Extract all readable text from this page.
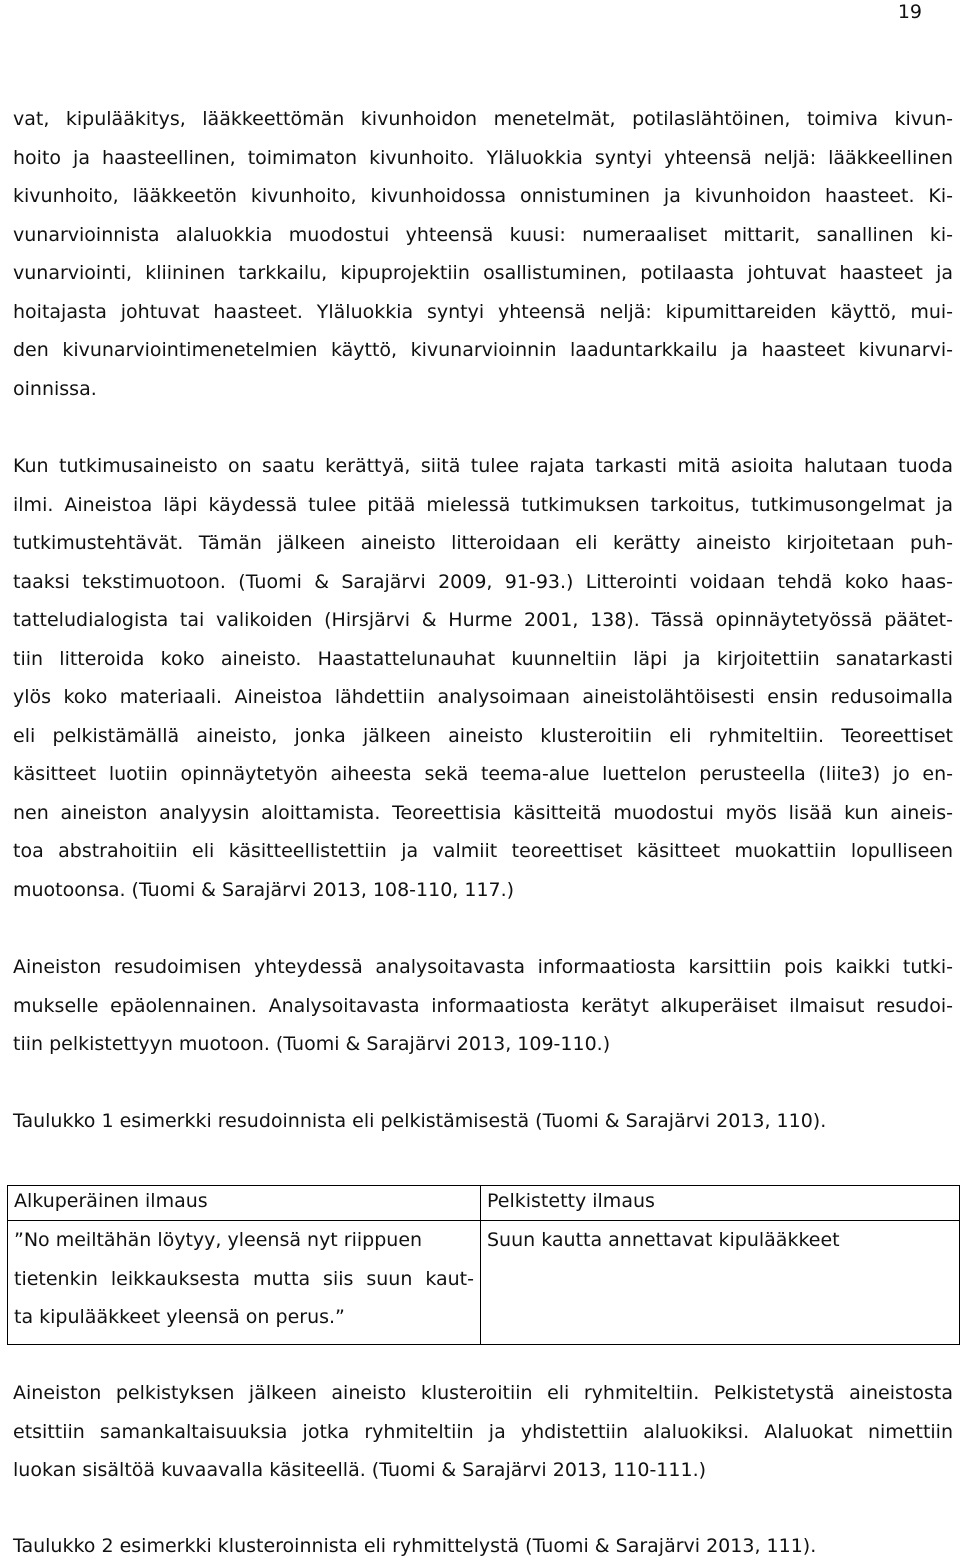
19
vat, kipulääkitys, lääkkeettömän kivunhoidon menetelmät, potilaslähtöinen, toimiva kivun-
hoito ja haasteellinen, toimimaton kivunhoito. Yläluokkia syntyi yhteensä neljä: lääkkeellinen
kivunhoito, lääkkeetön kivunhoito, kivunhoidossa onnistuminen ja kivunhoidon haasteet. Ki-
vunarvioinnista alaluokkia muodostui yhteensä kuusi: numeraaliset mittarit, sanallinen ki-
vunarviointi, kliininen tarkkailu, kipuprojektiin osallistuminen, potilaasta johtuvat haasteet ja
hoitajasta johtuvat haasteet. Yläluokkia syntyi yhteensä neljä: kipumittareiden käyttö, mui-
den kivunarviointimenetelmien käyttö, kivunarvioinnin laaduntarkkailu ja haasteet kivunarvi-
oinnissa.
Kun tutkimusaineisto on saatu kerättyä, siitä tulee rajata tarkasti mitä asioita halutaan tuoda
ilmi. Aineistoa läpi käydessä tulee pitää mielessä tutkimuksen tarkoitus, tutkimusongelmat ja
tutkimustehtävät. Tämän jälkeen aineisto litteroidaan eli kerätty aineisto kirjoitetaan puh-
taaksi tekstimuotoon. (Tuomi & Sarajärvi 2009, 91-93.) Litterointi voidaan tehdä koko haas-
tatteludialogista tai valikoiden (Hirsjärvi & Hurme 2001, 138). Tässä opinnäytetyössä päätet-
tiin litteroida koko aineisto. Haastattelunauhat kuunneltiin läpi ja kirjoitettiin sanatarkasti
ylös koko materiaali. Aineistoa lähdettiin analysoimaan aineistolähtöisesti ensin redusoimalla
eli pelkistämällä aineisto, jonka jälkeen aineisto klusteroitiin eli ryhmiteltiin. Teoreettiset
käsitteet luotiin opinnäytetyön aiheesta sekä teema-alue luettelon perusteella (liite3) jo en-
nen aineiston analyysin aloittamista. Teoreettisia käsitteitä muodostui myös lisää kun aineis-
toa abstrahoitiin eli käsitteellistettiin ja valmiit teoreettiset käsitteet muokattiin lopulliseen
muotoonsa. (Tuomi & Sarajärvi 2013, 108-110, 117.)
Aineiston resudoimisen yhteydessä analysoitavasta informaatiosta karsittiin pois kaikki tutki-
mukselle epäolennainen. Analysoitavasta informaatiosta kerätyt alkuperäiset ilmaisut resudoi-
tiin pelkistettyyn muotoon. (Tuomi & Sarajärvi 2013, 109-110.)
Taulukko 1 esimerkki resudoinnista eli pelkistämisestä (Tuomi & Sarajärvi 2013, 110).
Alkuperäinen ilmaus	Pelkistetty ilmaus

”No meiltähän löytyy, yleensä nyt riippuen
tietenkin leikkauksesta mutta siis suun kaut-
ta kipulääkkeet yleensä on perus.”	Suun kautta annettavat kipulääkkeet
Aineiston pelkistyksen jälkeen aineisto klusteroitiin eli ryhmiteltiin. Pelkistetystä aineistosta
etsittiin samankaltaisuuksia jotka ryhmiteltiin ja yhdistettiin alaluokiksi. Alaluokat nimettiin
luokan sisältöä kuvaavalla käsiteellä. (Tuomi & Sarajärvi 2013, 110-111.)
Taulukko 2 esimerkki klusteroinnista eli ryhmittelystä (Tuomi & Sarajärvi 2013, 111).
